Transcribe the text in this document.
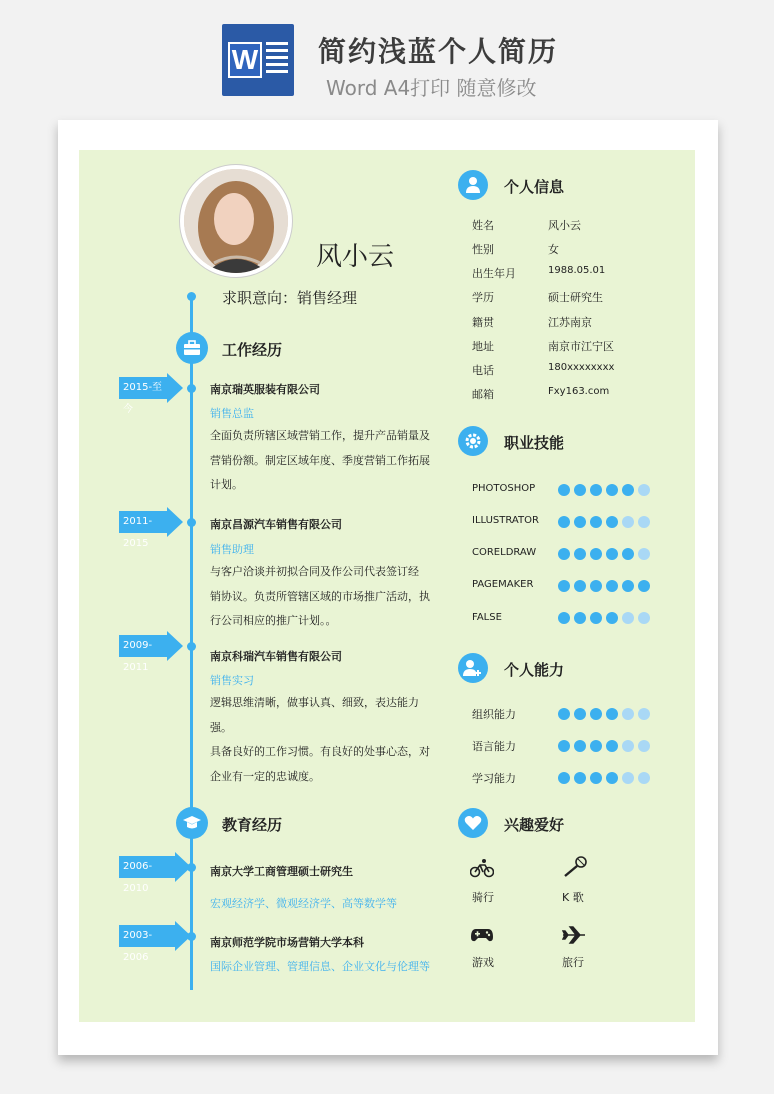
W 简约浅蓝个人简历
Word A4打印 随意修改
风小云
求职意向：销售经理
工作经历
2015-至今
南京瑞英服装有限公司
销售总监
全面负责所辖区域营销工作，提升产品销量及
营销份额。制定区域年度、季度营销工作拓展
计划。
2011-2015
南京昌源汽车销售有限公司
销售助理
与客户洽谈并初拟合同及作公司代表签订经
销协议。负责所管辖区域的市场推广活动，执
行公司相应的推广计划。。
2009-2011
南京科瑞汽车销售有限公司
销售实习
逻辑思维清晰，做事认真、细致，表达能力强。
具备良好的工作习惯。有良好的处事心态，对
企业有一定的忠诚度。
教育经历
2006-2010
南京大学工商管理硕士研究生
宏观经济学、微观经济学、高等数学等
2003-2006
南京师范学院市场营销大学本科
国际企业管理、管理信息、企业文化与伦理等
个人信息
姓名	风小云
性别	女
出生年月	1988.05.01
学历	硕士研究生
籍贯	江苏南京
地址	南京市江宁区
电话	180xxxxxxxx
邮箱	Fxy163.com
职业技能
PHOTOSHOP
ILLUSTRATOR
CORELDRAW
PAGEMAKER
FALSE
个人能力
组织能力
语言能力
学习能力
兴趣爱好
骑行	K 歌
游戏	旅行
